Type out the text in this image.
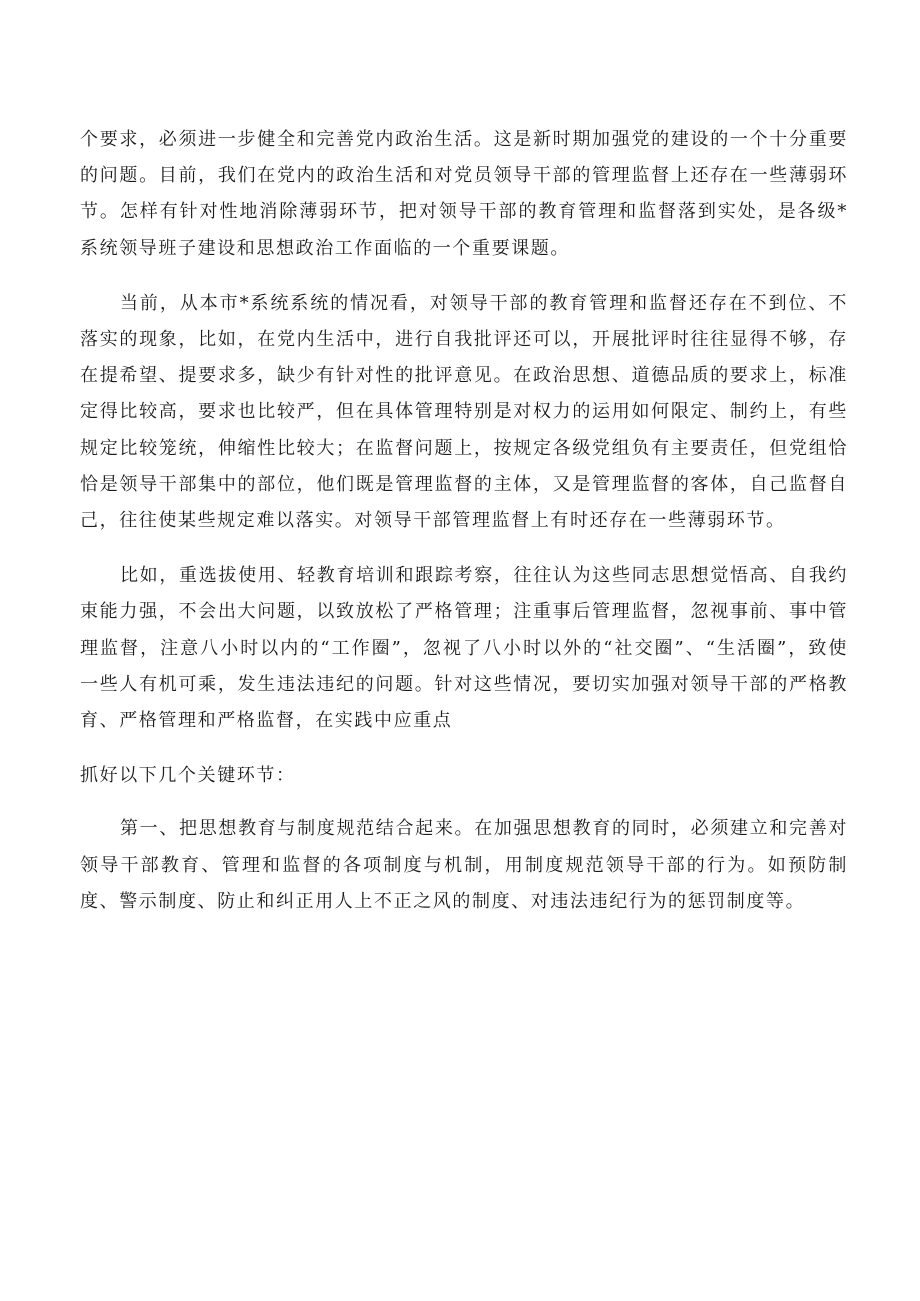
个要求，必须进一步健全和完善党内政治生活。这是新时期加强党的建设的一个十分重要的问题。目前，我们在党内的政治生活和对党员领导干部的管理监督上还存在一些薄弱环节。怎样有针对性地消除薄弱环节，把对领导干部的教育管理和监督落到实处，是各级*系统领导班子建设和思想政治工作面临的一个重要课题。

当前，从本市*系统系统的情况看，对领导干部的教育管理和监督还存在不到位、不落实的现象，比如，在党内生活中，进行自我批评还可以，开展批评时往往显得不够，存在提希望、提要求多，缺少有针对性的批评意见。在政治思想、道德品质的要求上，标准定得比较高，要求也比较严，但在具体管理特别是对权力的运用如何限定、制约上，有些规定比较笼统，伸缩性比较大；在监督问题上，按规定各级党组负有主要责任，但党组恰恰是领导干部集中的部位，他们既是管理监督的主体，又是管理监督的客体，自己监督自己，往往使某些规定难以落实。对领导干部管理监督上有时还存在一些薄弱环节。

比如，重选拔使用、轻教育培训和跟踪考察，往往认为这些同志思想觉悟高、自我约束能力强，不会出大问题，以致放松了严格管理；注重事后管理监督，忽视事前、事中管理监督，注意八小时以内的“工作圈”，忽视了八小时以外的“社交圈”、“生活圈”，致使一些人有机可乘，发生违法违纪的问题。针对这些情况，要切实加强对领导干部的严格教育、严格管理和严格监督，在实践中应重点

抓好以下几个关键环节：

第一、把思想教育与制度规范结合起来。在加强思想教育的同时，必须建立和完善对领导干部教育、管理和监督的各项制度与机制，用制度规范领导干部的行为。如预防制度、警示制度、防止和纠正用人上不正之风的制度、对违法违纪行为的惩罚制度等。
